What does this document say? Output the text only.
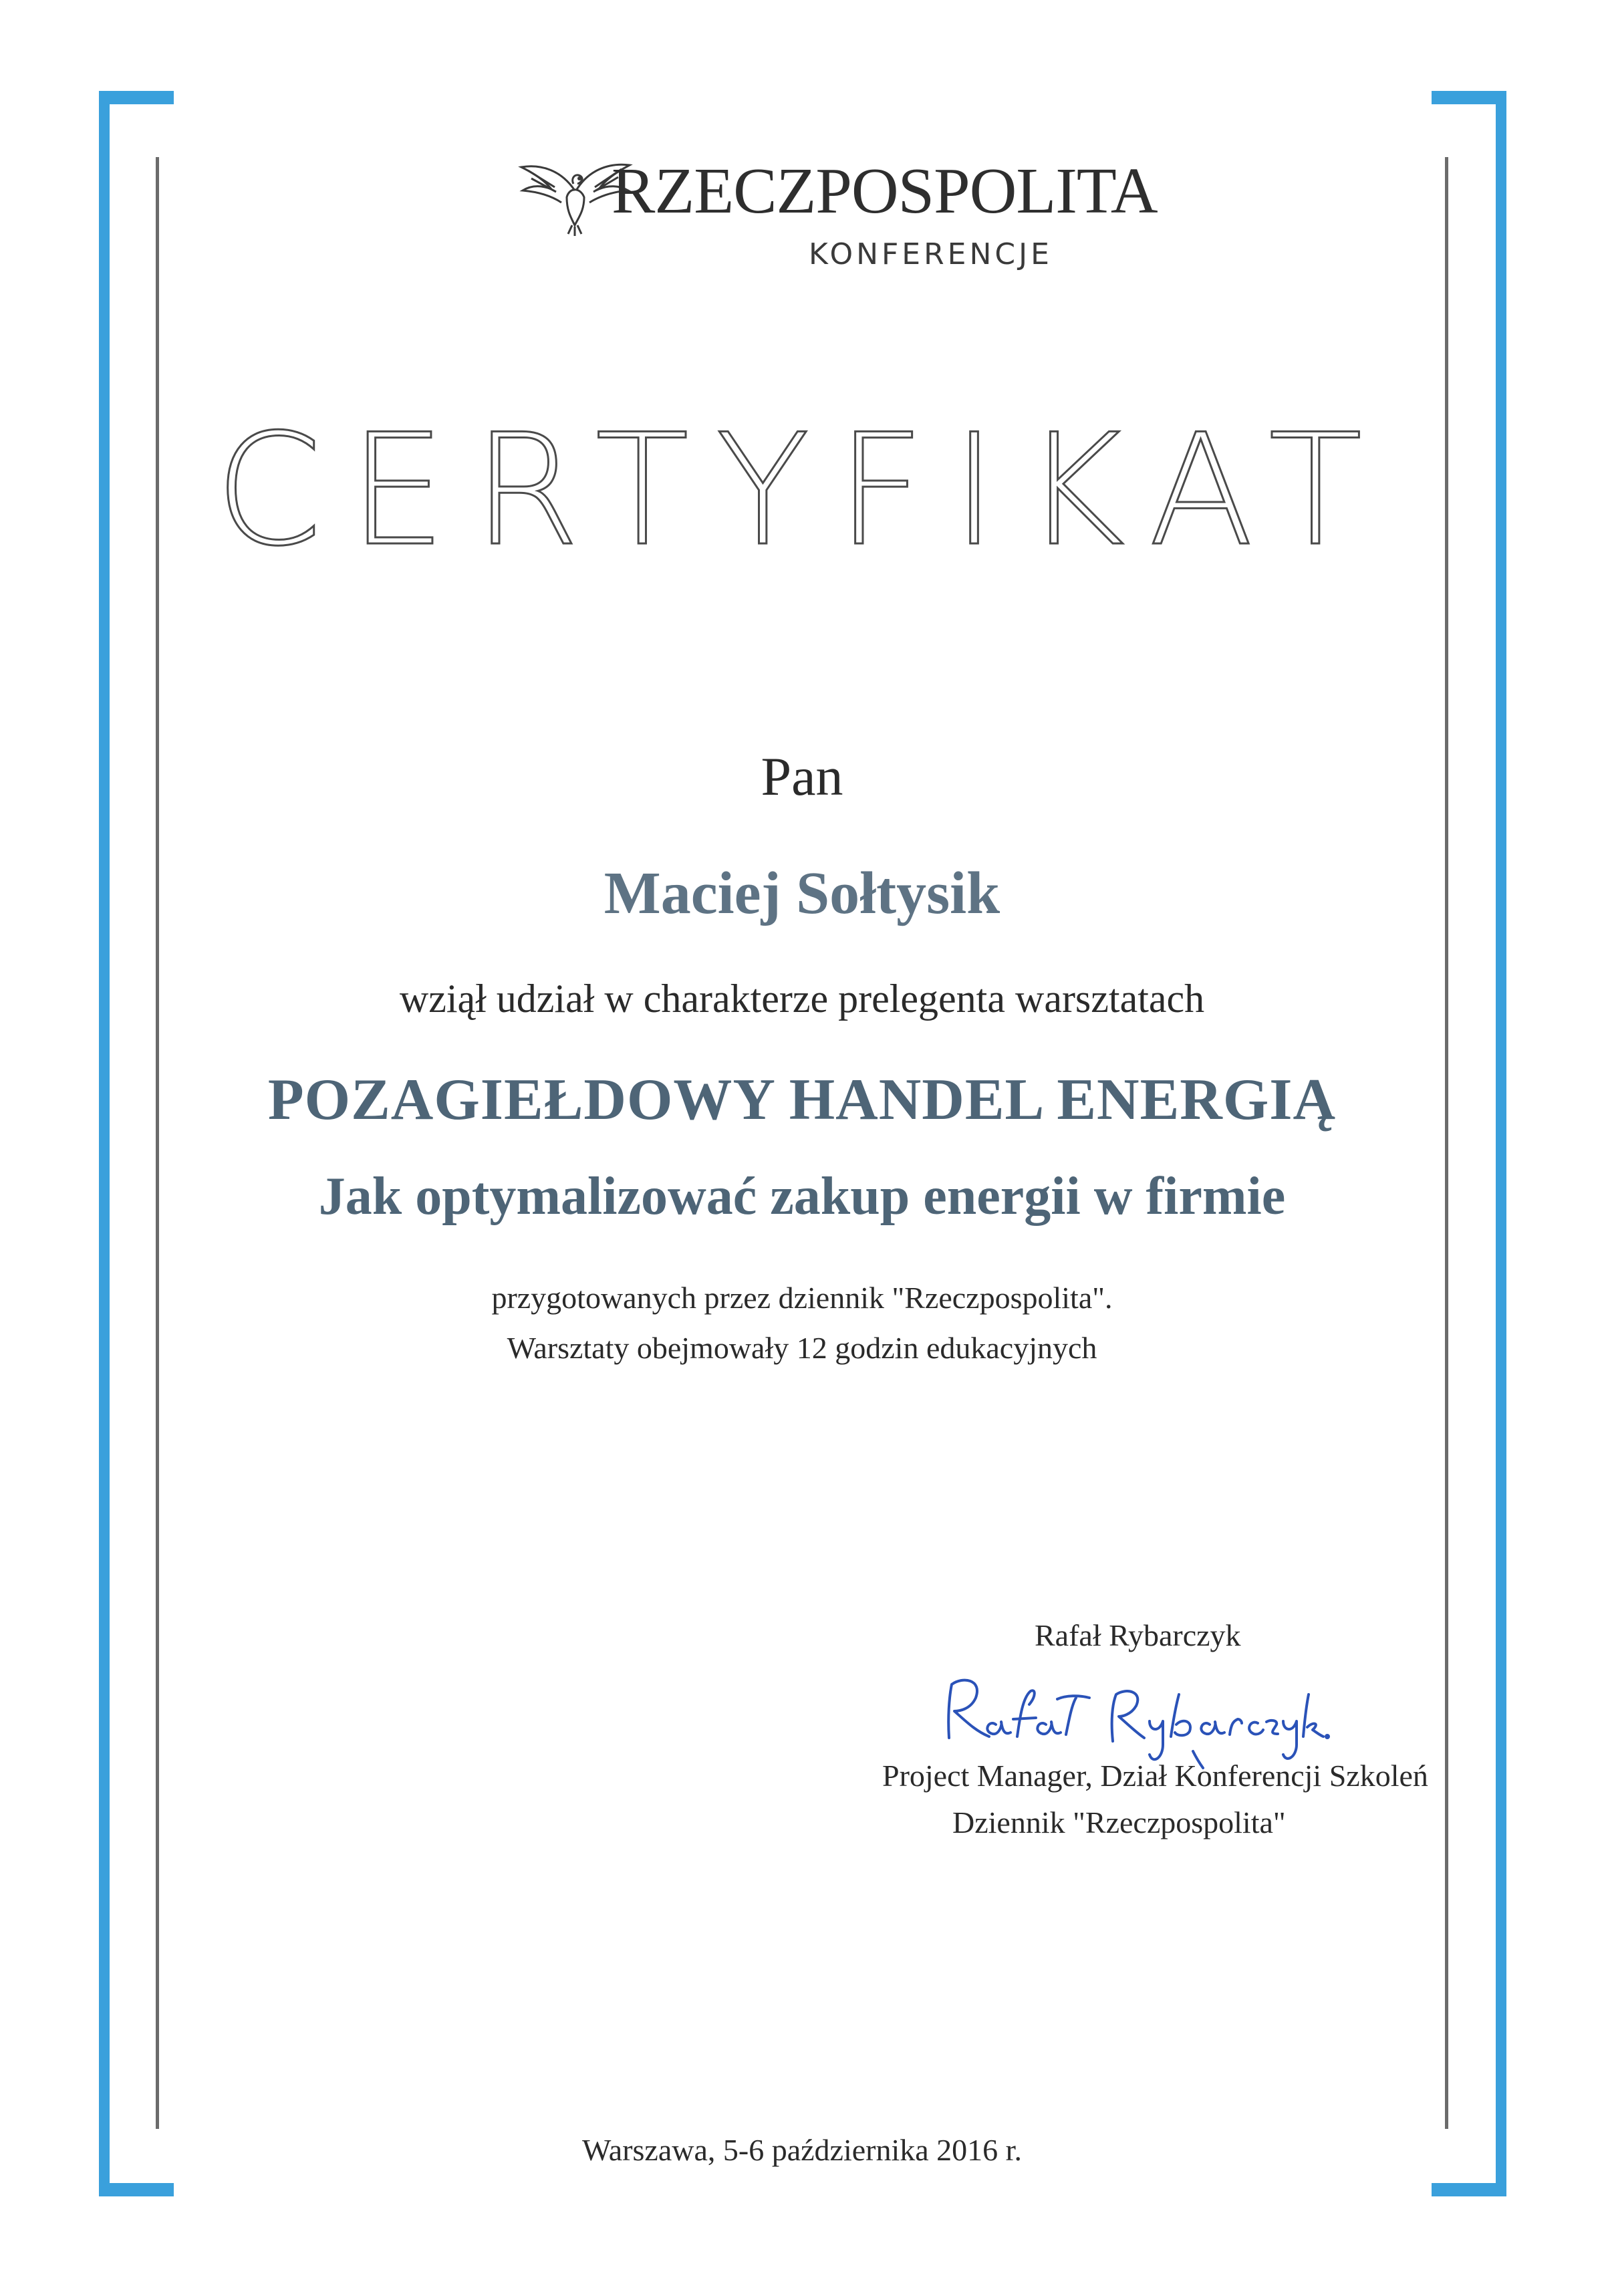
RZECZPOSPOLITA
KONFERENCJE
CERTYFIKAT
Pan
Maciej Sołtysik
wziął udział w charakterze prelegenta warsztatach
POZAGIEŁDOWY HANDEL ENERGIĄ
Jak optymalizować zakup energii w firmie
przygotowanych przez dziennik "Rzeczpospolita".
Warsztaty obejmowały 12 godzin edukacyjnych
Rafał Rybarczyk
Project Manager, Dział Konferencji Szkoleń
Dziennik "Rzeczpospolita"
Warszawa, 5-6 października 2016 r.
